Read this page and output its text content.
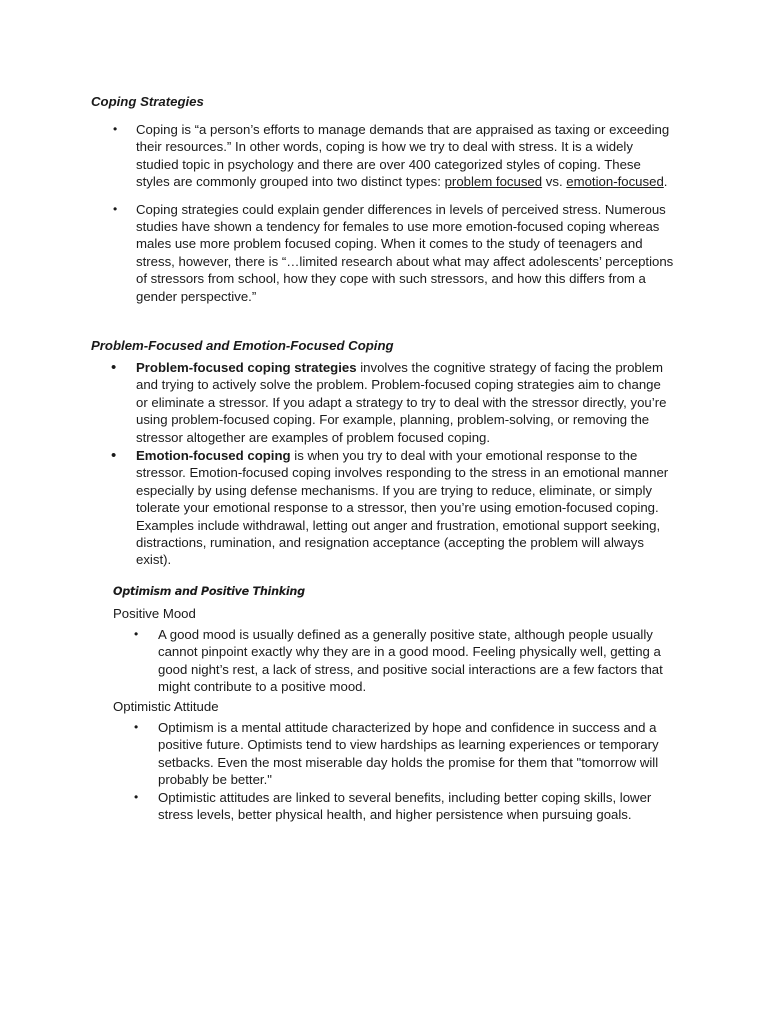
Coping Strategies
• Coping is “a person’s efforts to manage demands that are appraised as taxing or exceeding their resources.” In other words, coping is how we try to deal with stress. It is a widely studied topic in psychology and there are over 400 categorized styles of coping. These styles are commonly grouped into two distinct types: problem focused vs. emotion-focused.
• Coping strategies could explain gender differences in levels of perceived stress. Numerous studies have shown a tendency for females to use more emotion-focused coping whereas males use more problem focused coping. When it comes to the study of teenagers and stress, however, there is “…limited research about what may affect adolescents’ perceptions of stressors from school, how they cope with such stressors, and how this differs from a gender perspective.”
Problem-Focused and Emotion-Focused Coping
• Problem-focused coping strategies involves the cognitive strategy of facing the problem and trying to actively solve the problem. Problem-focused coping strategies aim to change or eliminate a stressor. If you adapt a strategy to try to deal with the stressor directly, you’re using problem-focused coping. For example, planning, problem-solving, or removing the stressor altogether are examples of problem focused coping.
• Emotion-focused coping is when you try to deal with your emotional response to the stressor. Emotion-focused coping involves responding to the stress in an emotional manner especially by using defense mechanisms. If you are trying to reduce, eliminate, or simply tolerate your emotional response to a stressor, then you’re using emotion-focused coping. Examples include withdrawal, letting out anger and frustration, emotional support seeking, distractions, rumination, and resignation acceptance (accepting the problem will always exist).
Optimism and Positive Thinking
Positive Mood
• A good mood is usually defined as a generally positive state, although people usually cannot pinpoint exactly why they are in a good mood. Feeling physically well, getting a good night’s rest, a lack of stress, and positive social interactions are a few factors that might contribute to a positive mood.
Optimistic Attitude
• Optimism is a mental attitude characterized by hope and confidence in success and a positive future. Optimists tend to view hardships as learning experiences or temporary setbacks. Even the most miserable day holds the promise for them that "tomorrow will probably be better."
• Optimistic attitudes are linked to several benefits, including better coping skills, lower stress levels, better physical health, and higher persistence when pursuing goals.
